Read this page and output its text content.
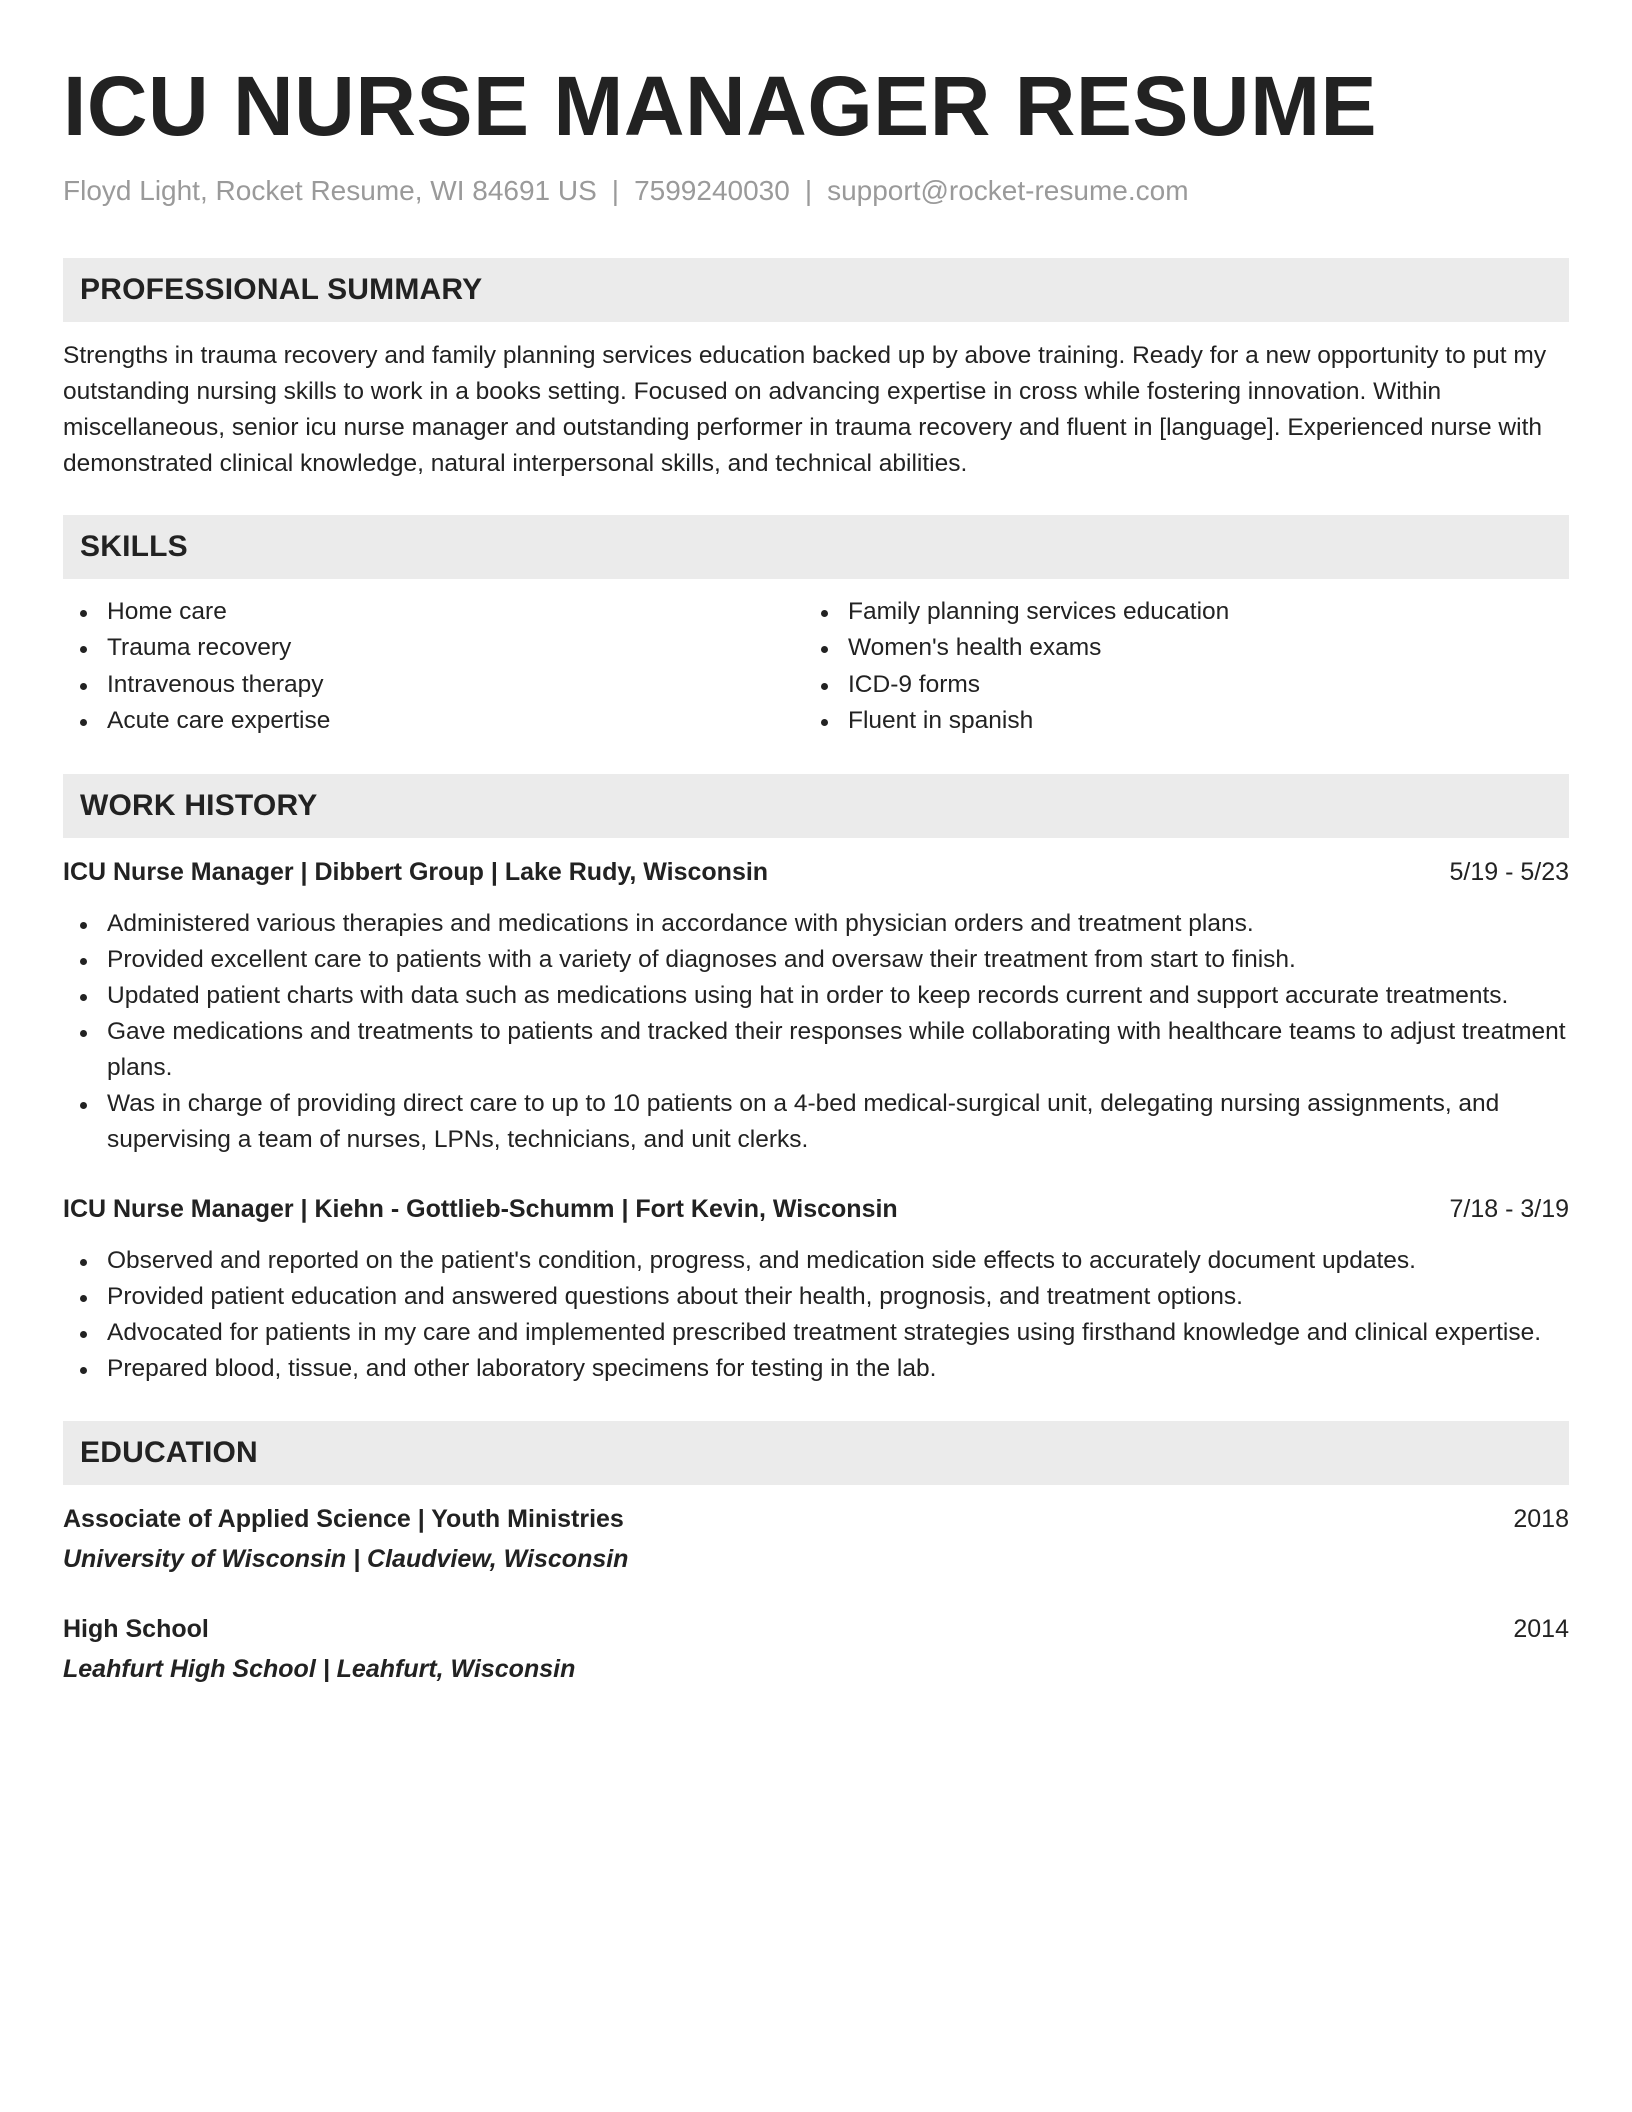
ICU NURSE MANAGER RESUME
Floyd Light, Rocket Resume, WI 84691 US | 7599240030 | support@rocket-resume.com
PROFESSIONAL SUMMARY

Strengths in trauma recovery and family planning services education backed up by above training. Ready for a new opportunity to put my outstanding nursing skills to work in a books setting. Focused on advancing expertise in cross while fostering innovation. Within miscellaneous, senior icu nurse manager and outstanding performer in trauma recovery and fluent in [language]. Experienced nurse with demonstrated clinical knowledge, natural interpersonal skills, and technical abilities.

SKILLS
Home care
Trauma recovery
Intravenous therapy
Acute care expertise
Family planning services education
Women's health exams
ICD-9 forms
Fluent in spanish
WORK HISTORY
ICU Nurse Manager | Dibbert Group | Lake Rudy, Wisconsin	5/19 - 5/23
Administered various therapies and medications in accordance with physician orders and treatment plans.
Provided excellent care to patients with a variety of diagnoses and oversaw their treatment from start to finish.
Updated patient charts with data such as medications using hat in order to keep records current and support accurate treatments.
Gave medications and treatments to patients and tracked their responses while collaborating with healthcare teams to adjust treatment plans.
Was in charge of providing direct care to up to 10 patients on a 4-bed medical-surgical unit, delegating nursing assignments, and supervising a team of nurses, LPNs, technicians, and unit clerks.
ICU Nurse Manager | Kiehn - Gottlieb-Schumm | Fort Kevin, Wisconsin	7/18 - 3/19
Observed and reported on the patient's condition, progress, and medication side effects to accurately document updates.
Provided patient education and answered questions about their health, prognosis, and treatment options.
Advocated for patients in my care and implemented prescribed treatment strategies using firsthand knowledge and clinical expertise.
Prepared blood, tissue, and other laboratory specimens for testing in the lab.
EDUCATION
Associate of Applied Science | Youth Ministries	2018
University of Wisconsin | Claudview, Wisconsin
High School	2014
Leahfurt High School | Leahfurt, Wisconsin
